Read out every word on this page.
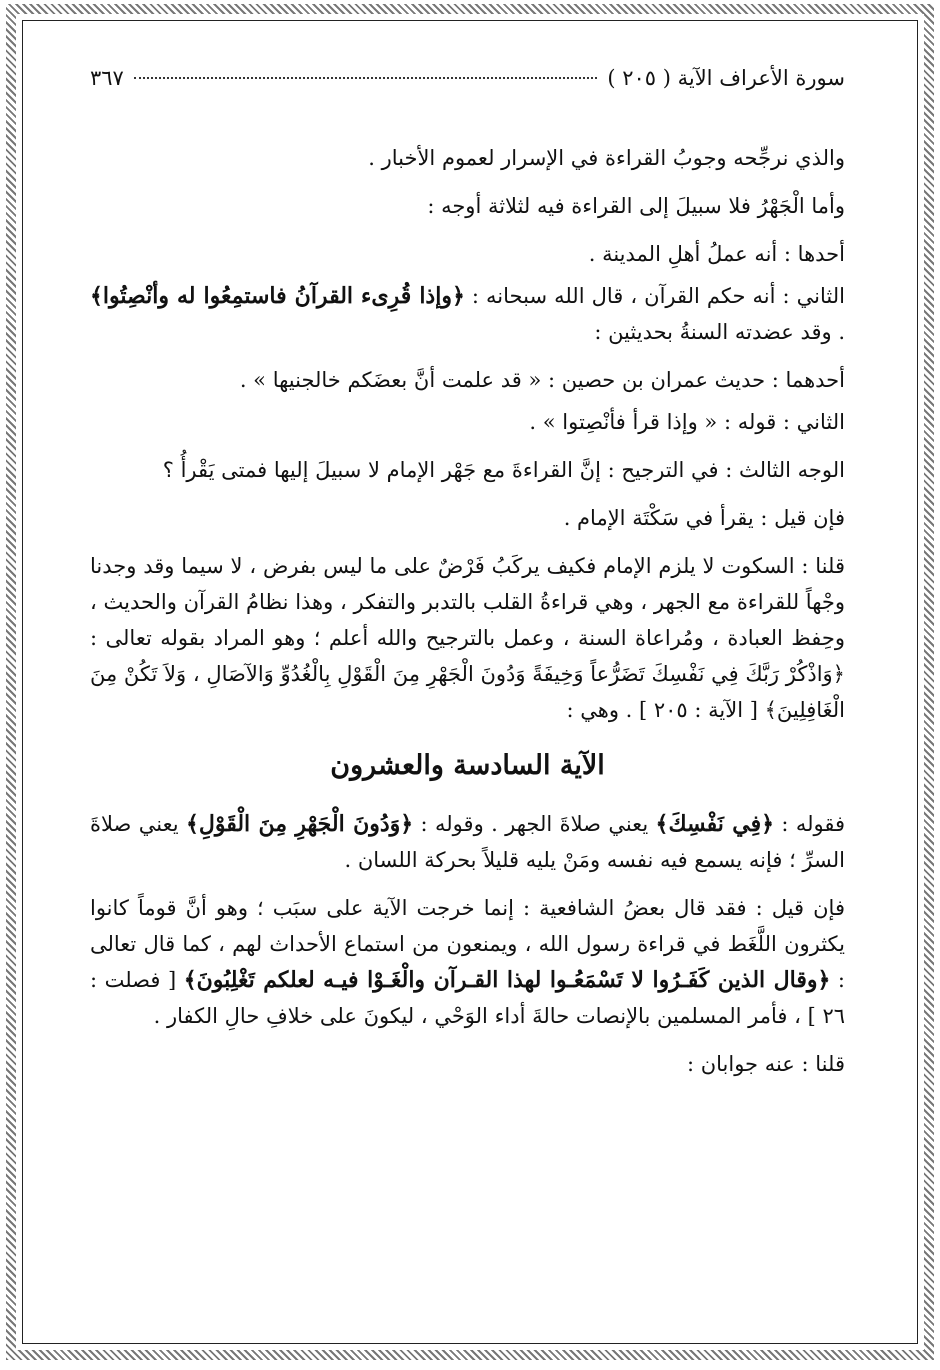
سورة الأعراف الآية ( ٢٠٥ )
٣٦٧

والذي نرجِّحه وجوبُ القراءة في الإسرار لعموم الأخبار .

وأما الْجَهْرُ فلا سبيلَ إلى القراءة فيه لثلاثة أوجه :

أحدها : أنه عملُ أهلِ المدينة .

الثاني : أنه حكم القرآن ، قال الله سبحانه : ﴿وإذا قُرِىء القرآنُ فاستمِعُوا له وأنْصِتُوا﴾ . وقد عضدته السنةُ بحديثين :

أحدهما : حديث عمران بن حصين : « قد علمت أنَّ بعضَكم خالجنيها » .

الثاني : قوله : « وإذا قرأ فأنْصِتوا » .

الوجه الثالث : في الترجيح : إنَّ القراءةَ مع جَهْر الإمام لا سبيلَ إليها فمتى يَقْرأُ ؟

فإن قيل : يقرأ في سَكْتَة الإمام .

قلنا : السكوت لا يلزم الإمام فكيف يركَبُ فَرْضٌ على ما ليس بفرض ، لا سيما وقد وجدنا وجْهاً للقراءة مع الجهر ، وهي قراءةُ القلب بالتدبر والتفكر ، وهذا نظامُ القرآن والحديث ، وحِفظ العبادة ، ومُراعاة السنة ، وعمل بالترجيح والله أعلم ؛ وهو المراد بقوله تعالى : ﴿وَاذْكُرْ رَبَّكَ فِي نَفْسِكَ تَضَرُّعاً وَخِيفَةً وَدُونَ الْجَهْرِ مِنَ الْقَوْلِ بِالْغُدُوِّ وَالآصَالِ ، وَلاَ تَكُنْ مِنَ الْغَافِلِينَ﴾ [ الآية : ٢٠٥ ] . وهي :

الآية السادسة والعشرون

فقوله : ﴿فِي نَفْسِكَ﴾ يعني صلاةَ الجهر . وقوله : ﴿وَدُونَ الْجَهْرِ مِنَ الْقَوْلِ﴾ يعني صلاةَ السرِّ ؛ فإنه يسمع فيه نفسه ومَنْ يليه قليلاً بحركة اللسان .

فإن قيل : فقد قال بعضُ الشافعية : إنما خرجت الآية على سبَب ؛ وهو أنَّ قوماً كانوا يكثرون اللَّغَط في قراءة رسول الله ، ويمنعون من استماع الأحداث لهم ، كما قال تعالى : ﴿وقال الذين كَفَـرُوا لا تَسْمَعُـوا لهذا القـرآن والْغَـوْا فيـه لعلكم تَغْلِبُونَ﴾ [ فصلت : ٢٦ ] ، فأمر المسلمين بالإنصات حالةَ أداء الوَحْي ، ليكونَ على خلافِ حالِ الكفار .

قلنا : عنه جوابان :
